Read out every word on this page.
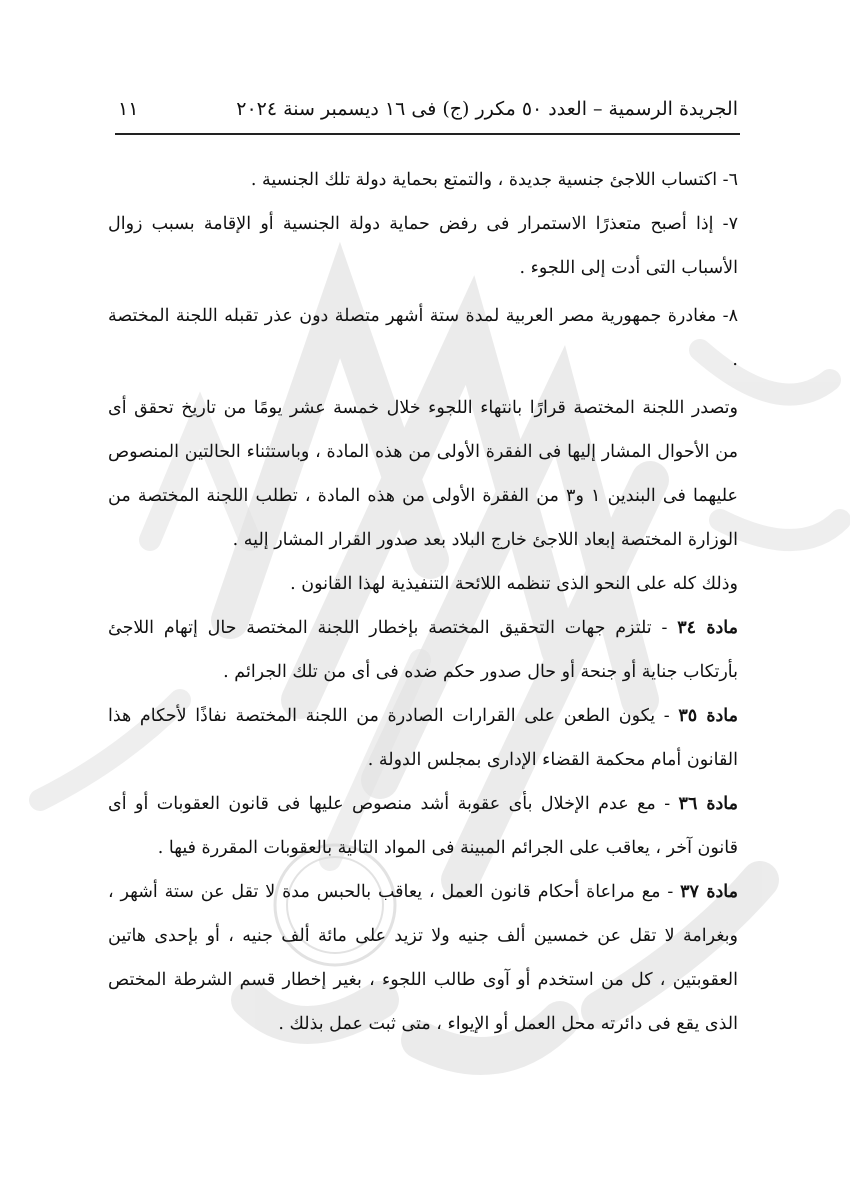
الجريدة الرسمية – العدد ٥٠ مكرر (ج) فى ١٦ ديسمبر سنة ٢٠٢٤
١١

٦- اكتساب اللاجئ جنسية جديدة ، والتمتع بحماية دولة تلك الجنسية .

٧- إذا أصبح متعذرًا الاستمرار فى رفض حماية دولة الجنسية أو الإقامة بسبب زوال الأسباب التى أدت إلى اللجوء .

٨- مغادرة جمهورية مصر العربية لمدة ستة أشهر متصلة دون عذر تقبله اللجنة المختصة .

وتصدر اللجنة المختصة قرارًا بانتهاء اللجوء خلال خمسة عشر يومًا من تاريخ تحقق أى من الأحوال المشار إليها فى الفقرة الأولى من هذه المادة ، وباستثناء الحالتين المنصوص عليهما فى البندين ١ و٣ من الفقرة الأولى من هذه المادة ، تطلب اللجنة المختصة من الوزارة المختصة إبعاد اللاجئ خارج البلاد بعد صدور القرار المشار إليه .

وذلك كله على النحو الذى تنظمه اللائحة التنفيذية لهذا القانون .

مادة ٣٤ - تلتزم جهات التحقيق المختصة بإخطار اللجنة المختصة حال إتهام اللاجئ بأرتكاب جناية أو جنحة أو حال صدور حكم ضده فى أى من تلك الجرائم .

مادة ٣٥ - يكون الطعن على القرارات الصادرة من اللجنة المختصة نفاذًا لأحكام هذا القانون أمام محكمة القضاء الإدارى بمجلس الدولة .

مادة ٣٦ - مع عدم الإخلال بأى عقوبة أشد منصوص عليها فى قانون العقوبات أو أى قانون آخر ، يعاقب على الجرائم المبينة فى المواد التالية بالعقوبات المقررة فيها .

مادة ٣٧ - مع مراعاة أحكام قانون العمل ، يعاقب بالحبس مدة لا تقل عن ستة أشهر ، وبغرامة لا تقل عن خمسين ألف جنيه ولا تزيد على مائة ألف جنيه ، أو بإحدى هاتين العقوبتين ، كل من استخدم أو آوى طالب اللجوء ، بغير إخطار قسم الشرطة المختص الذى يقع فى دائرته محل العمل أو الإيواء ، متى ثبت عمل بذلك .
